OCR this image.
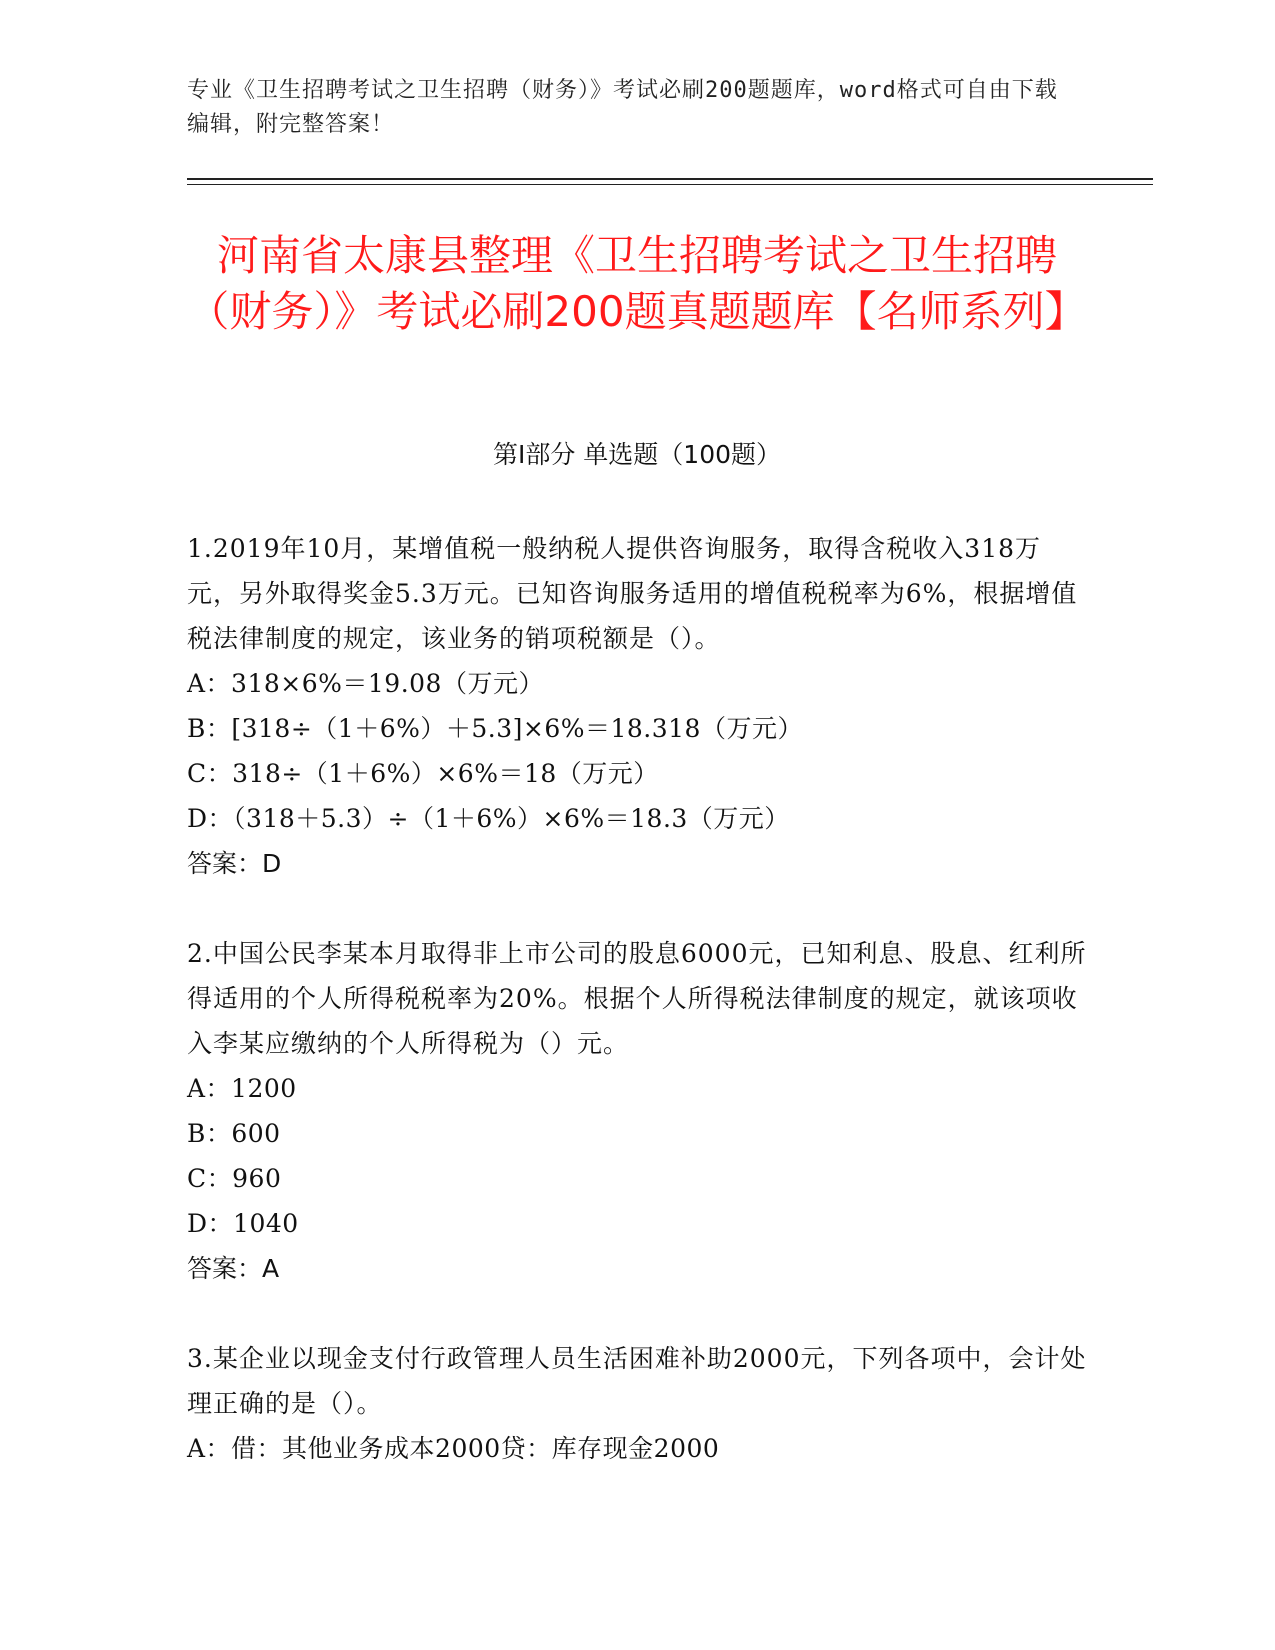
专业《卫生招聘考试之卫生招聘（财务）》考试必刷200题题库，word格式可自由下载编辑，附完整答案！
河南省太康县整理《卫生招聘考试之卫生招聘（财务）》考试必刷200题真题题库【名师系列】
第I部分 单选题（100题）

1.2019年10月，某增值税一般纳税人提供咨询服务，取得含税收入318万元，另外取得奖金5.3万元。已知咨询服务适用的增值税税率为6%，根据增值税法律制度的规定，该业务的销项税额是（）。

A：318×6%＝19.08（万元）

B：[318÷（1＋6%）＋5.3]×6%＝18.318（万元）

C：318÷（1＋6%）×6%＝18（万元）

D：（318＋5.3）÷（1＋6%）×6%＝18.3（万元）

答案：D

2.中国公民李某本月取得非上市公司的股息6000元，已知利息、股息、红利所得适用的个人所得税税率为20%。根据个人所得税法律制度的规定，就该项收入李某应缴纳的个人所得税为（）元。

A：1200

B：600

C：960

D：1040

答案：A

3.某企业以现金支付行政管理人员生活困难补助2000元，下列各项中，会计处理正确的是（）。

A：借：其他业务成本2000贷：库存现金2000
